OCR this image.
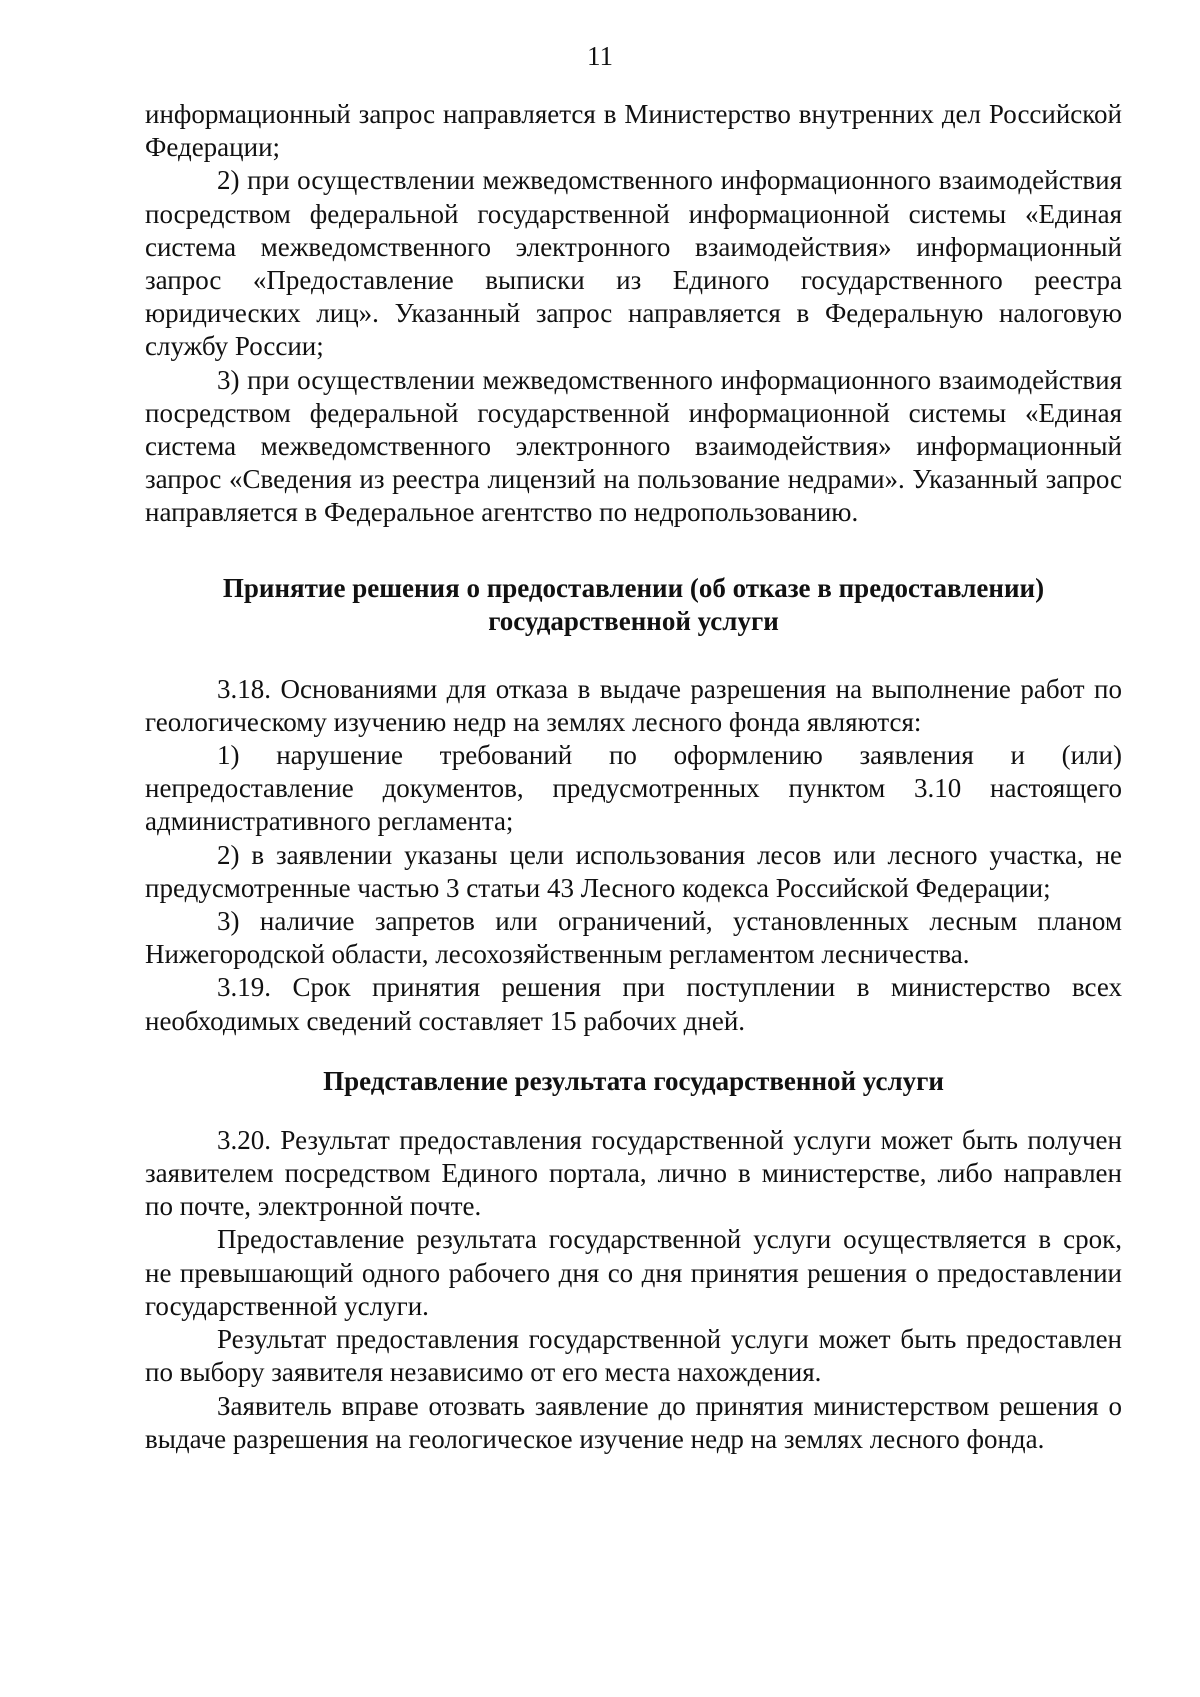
11

информационный запрос направляется в Министерство внутренних дел Российской Федерации;

2) при осуществлении межведомственного информационного взаимодействия посредством федеральной государственной информационной системы «Единая система межведомственного электронного взаимодействия» информационный запрос «Предоставление выписки из Единого государственного реестра юридических лиц». Указанный запрос направляется в Федеральную налоговую службу России;

3) при осуществлении межведомственного информационного взаимодействия посредством федеральной государственной информационной системы «Единая система межведомственного электронного взаимодействия» информационный запрос «Сведения из реестра лицензий на пользование недрами». Указанный запрос направляется в Федеральное агентство по недропользованию.

Принятие решения о предоставлении (об отказе в предоставлении)
государственной услуги

3.18. Основаниями для отказа в выдаче разрешения на выполнение работ по геологическому изучению недр на землях лесного фонда являются:

1) нарушение требований по оформлению заявления и (или) непредоставление документов, предусмотренных пунктом 3.10 настоящего административного регламента;

2) в заявлении указаны цели использования лесов или лесного участка, не предусмотренные частью 3 статьи 43 Лесного кодекса Российской Федерации;

3) наличие запретов или ограничений, установленных лесным планом Нижегородской области, лесохозяйственным регламентом лесничества.

3.19. Срок принятия решения при поступлении в министерство всех необходимых сведений составляет 15 рабочих дней.

Представление результата государственной услуги

3.20. Результат предоставления государственной услуги может быть получен заявителем посредством Единого портала, лично в министерстве, либо направлен по почте, электронной почте.

Предоставление результата государственной услуги осуществляется в срок, не превышающий одного рабочего дня со дня принятия решения о предоставлении государственной услуги.

Результат предоставления государственной услуги может быть предоставлен по выбору заявителя независимо от его места нахождения.

Заявитель вправе отозвать заявление до принятия министерством решения о выдаче разрешения на геологическое изучение недр на землях лесного фонда.
